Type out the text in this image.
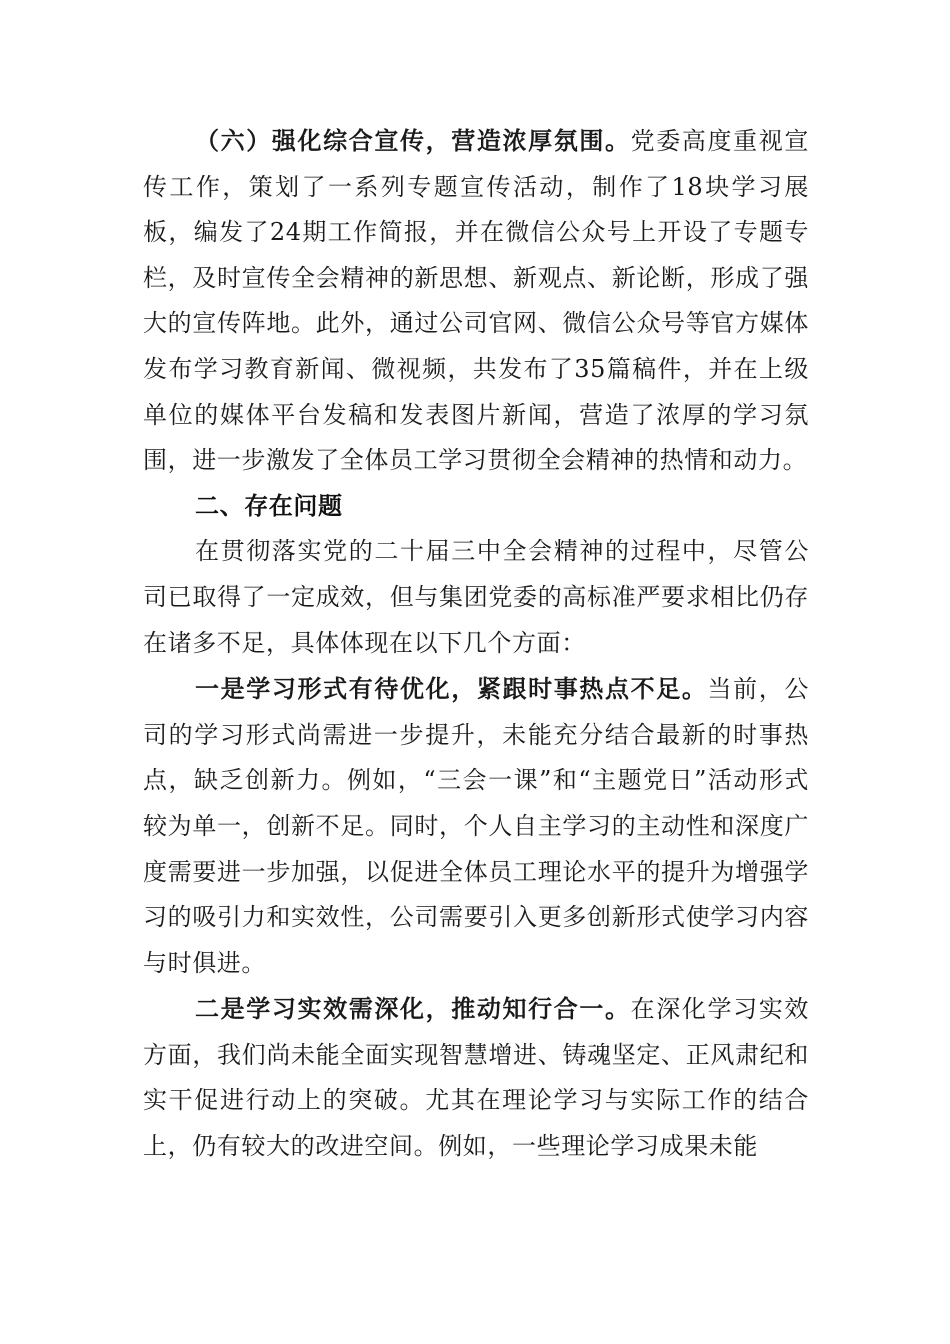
（六）强化综合宣传，营造浓厚氛围。党委高度重视宣传工作，策划了一系列专题宣传活动，制作了18块学习展板，编发了24期工作简报，并在微信公众号上开设了专题专栏，及时宣传全会精神的新思想、新观点、新论断，形成了强大的宣传阵地。此外，通过公司官网、微信公众号等官方媒体发布学习教育新闻、微视频，共发布了35篇稿件，并在上级单位的媒体平台发稿和发表图片新闻，营造了浓厚的学习氛围，进一步激发了全体员工学习贯彻全会精神的热情和动力。

二、存在问题

在贯彻落实党的二十届三中全会精神的过程中，尽管公司已取得了一定成效，但与集团党委的高标准严要求相比仍存在诸多不足，具体体现在以下几个方面：

一是学习形式有待优化，紧跟时事热点不足。当前，公司的学习形式尚需进一步提升，未能充分结合最新的时事热点，缺乏创新力。例如，“三会一课”和“主题党日”活动形式较为单一，创新不足。同时，个人自主学习的主动性和深度广度需要进一步加强，以促进全体员工理论水平的提升为增强学习的吸引力和实效性，公司需要引入更多创新形式使学习内容与时俱进。

二是学习实效需深化，推动知行合一。在深化学习实效方面，我们尚未能全面实现智慧增进、铸魂坚定、正风肃纪和实干促进行动上的突破。尤其在理论学习与实际工作的结合上，仍有较大的改进空间。例如，一些理论学习成果未能
